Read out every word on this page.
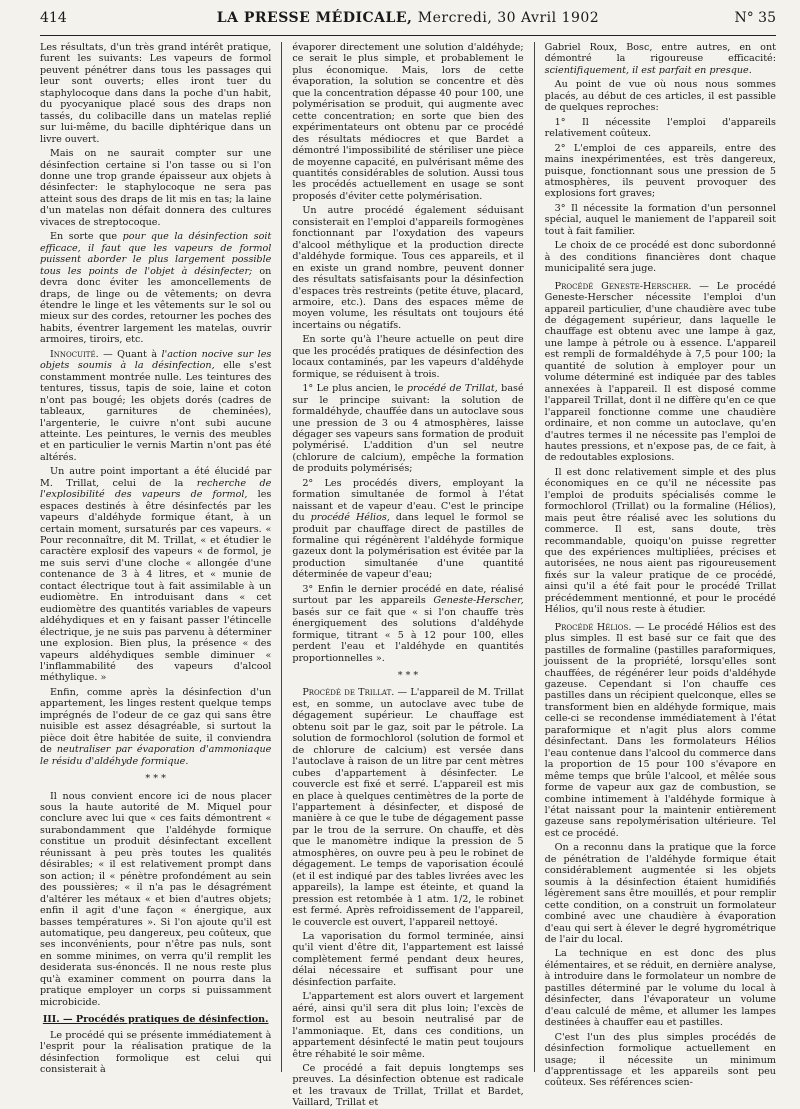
414	LA PRESSE MÉDICALE, Mercredi, 30 Avril 1902	N° 35

Les résultats, d'un très grand intérêt pratique, furent les suivants: Les vapeurs de formol peuvent pénétrer dans tous les passages qui leur sont ouverts; elles iront tuer du staphylocoque dans dans la poche d'un habit, du pyocyanique placé sous des draps non tassés, du colibacille dans un matelas replié sur lui-même, du bacille diphtérique dans un livre ouvert.

Mais on ne saurait compter sur une désinfection certaine si l'on tasse ou si l'on donne une trop grande épaisseur aux objets à désinfecter: le staphylocoque ne sera pas atteint sous des draps de lit mis en tas; la laine d'un matelas non défait donnera des cultures vivaces de streptocoque.

En sorte que pour que la désinfection soit efficace, il faut que les vapeurs de formol puissent aborder le plus largement possible tous les points de l'objet à désinfecter; on devra donc éviter les amoncellements de draps, de linge ou de vêtements; on devra étendre le linge et les vêtements sur le sol ou mieux sur des cordes, retourner les poches des habits, éventrer largement les matelas, ouvrir armoires, tiroirs, etc.

Innocuité. — Quant à l'action nocive sur les objets soumis à la désinfection, elle s'est constamment montrée nulle. Les teintures des tentures, tissus, tapis de soie, laine et coton n'ont pas bougé; les objets dorés (cadres de tableaux, garnitures de cheminées), l'argenterie, le cuivre n'ont subi aucune atteinte. Les peintures, le vernis des meubles et en particulier le vernis Martin n'ont pas été altérés.

Un autre point important a été élucidé par M. Trillat, celui de la recherche de l'explosibilité des vapeurs de formol, les espaces destinés à être désinfectés par les vapeurs d'aldéhyde formique étant, à un certain moment, sursaturés par ces vapeurs. « Pour reconnaître, dit M. Trillat, « et étudier le caractère explosif des vapeurs « de formol, je me suis servi d'une cloche « allongée d'une contenance de 3 à 4 litres, et « munie de contact électrique tout à fait assimilable à un eudiomètre. En introduisant dans « cet eudiomètre des quantités variables de vapeurs aldéhydiques et en y faisant passer l'étincelle électrique, je ne suis pas parvenu à déterminer une explosion. Bien plus, la présence « des vapeurs aldéhydiques semble diminuer « l'inflammabilité des vapeurs d'alcool méthylique. »

Enfin, comme après la désinfection d'un appartement, les linges restent quelque temps imprégnés de l'odeur de ce gaz qui sans être nuisible est assez désagréable, si surtout la pièce doit être habitée de suite, il conviendra de neutraliser par évaporation d'ammoniaque le résidu d'aldéhyde formique.

* * *

Il nous convient encore ici de nous placer sous la haute autorité de M. Miquel pour conclure avec lui que « ces faits démontrent « surabondamment que l'aldéhyde formique constitue un produit désinfectant excellent réunissant à peu près toutes les qualités désirables; « il est relativement prompt dans son action; il « pénètre profondément au sein des poussières; « il n'a pas le désagrément d'altérer les métaux « et bien d'autres objets; enfin il agit d'une façon « énergique, aux basses températures ». Si l'on ajoute qu'il est automatique, peu dangereux, peu coûteux, que ses inconvénients, pour n'être pas nuls, sont en somme minimes, on verra qu'il remplit les desiderata sus-énoncés. Il ne nous reste plus qu'à examiner comment on pourra dans la pratique employer un corps si puissamment microbicide.

III. — Procédés pratiques de désinfection.

Le procédé qui se présente immédiatement à l'esprit pour la réalisation pratique de la désinfection formolique est celui qui consisterait à

évaporer directement une solution d'aldéhyde; ce serait le plus simple, et probablement le plus économique. Mais, lors de cette évaporation, la solution se concentre et dès que la concentration dépasse 40 pour 100, une polymérisation se produit, qui augmente avec cette concentration; en sorte que bien des expérimentateurs ont obtenu par ce procédé des résultats médiocres et que Bardet a démontré l'impossibilité de stériliser une pièce de moyenne capacité, en pulvérisant même des quantités considérables de solution. Aussi tous les procédés actuellement en usage se sont proposés d'éviter cette polymérisation.

Un autre procédé également séduisant consisterait en l'emploi d'appareils formogènes fonctionnant par l'oxydation des vapeurs d'alcool méthylique et la production directe d'aldéhyde formique. Tous ces appareils, et il en existe un grand nombre, peuvent donner des résultats satisfaisants pour la désinfection d'espaces très restreints (petite étuve, placard, armoire, etc.). Dans des espaces même de moyen volume, les résultats ont toujours été incertains ou négatifs.

En sorte qu'à l'heure actuelle on peut dire que les procédés pratiques de désinfection des locaux contaminés, par les vapeurs d'aldéhyde formique, se réduisent à trois.

1° Le plus ancien, le procédé de Trillat, basé sur le principe suivant: la solution de formaldéhyde, chauffée dans un autoclave sous une pression de 3 ou 4 atmosphères, laisse dégager ses vapeurs sans formation de produit polymérisé. L'addition d'un sel neutre (chlorure de calcium), empêche la formation de produits polymérisés;

2° Les procédés divers, employant la formation simultanée de formol à l'état naissant et de vapeur d'eau. C'est le principe du procédé Hélios, dans lequel le formol se produit par chauffage direct de pastilles de formaline qui régénèrent l'aldéhyde formique gazeux dont la polymérisation est évitée par la production simultanée d'une quantité déterminée de vapeur d'eau;

3° Enfin le dernier procédé en date, réalisé surtout par les appareils Geneste-Herscher, basés sur ce fait que « si l'on chauffe très énergiquement des solutions d'aldéhyde formique, titrant « 5 à 12 pour 100, elles perdent l'eau et l'aldéhyde en quantités proportionnelles ».

* * *

Procédé de Trillat. — L'appareil de M. Trillat est, en somme, un autoclave avec tube de dégagement supérieur. Le chauffage est obtenu soit par le gaz, soit par le pétrole. La solution de formochlorol (solution de formol et de chlorure de calcium) est versée dans l'autoclave à raison de un litre par cent mètres cubes d'appartement à désinfecter. Le couvercle est fixé et serré. L'appareil est mis en place à quelques centimètres de la porte de l'appartement à désinfecter, et disposé de manière à ce que le tube de dégagement passe par le trou de la serrure. On chauffe, et dès que le manomètre indique la pression de 5 atmosphères, on ouvre peu à peu le robinet de dégagement. Le temps de vaporisation écoulé (et il est indiqué par des tables livrées avec les appareils), la lampe est éteinte, et quand la pression est retombée à 1 atm. 1/2, le robinet est fermé. Après refroidissement de l'appareil, le couvercle est ouvert, l'appareil nettoyé.

La vaporisation du formol terminée, ainsi qu'il vient d'être dit, l'appartement est laissé complètement fermé pendant deux heures, délai nécessaire et suffisant pour une désinfection parfaite.

L'appartement est alors ouvert et largement aéré, ainsi qu'il sera dit plus loin; l'excès de formol est au besoin neutralisé par de l'ammoniaque. Et, dans ces conditions, un appartement désinfecté le matin peut toujours être réhabité le soir même.

Ce procédé a fait depuis longtemps ses preuves. La désinfection obtenue est radicale et les travaux de Trillat, Trillat et Bardet, Vaillard, Trillat et

Gabriel Roux, Bosc, entre autres, en ont démontré la rigoureuse efficacité: scientifiquement, il est parfait en presque.

Au point de vue où nous nous sommes placés, au début de ces articles, il est passible de quelques reproches:

1° Il nécessite l'emploi d'appareils relativement coûteux.

2° L'emploi de ces appareils, entre des mains inexpérimentées, est très dangereux, puisque, fonctionnant sous une pression de 5 atmosphères, ils peuvent provoquer des explosions fort graves;

3° Il nécessite la formation d'un personnel spécial, auquel le maniement de l'appareil soit tout à fait familier.

Le choix de ce procédé est donc subordonné à des conditions financières dont chaque municipalité sera juge.

Procédé Geneste-Herscher. — Le procédé Geneste-Herscher nécessite l'emploi d'un appareil particulier, d'une chaudière avec tube de dégagement supérieur, dans laquelle le chauffage est obtenu avec une lampe à gaz, une lampe à pétrole ou à essence. L'appareil est rempli de formaldéhyde à 7,5 pour 100; la quantité de solution à employer pour un volume déterminé est indiquée par des tables annexées à l'appareil. Il est disposé comme l'appareil Trillat, dont il ne diffère qu'en ce que l'appareil fonctionne comme une chaudière ordinaire, et non comme un autoclave, qu'en d'autres termes il ne nécessite pas l'emploi de hautes pressions, et n'expose pas, de ce fait, à de redoutables explosions.

Il est donc relativement simple et des plus économiques en ce qu'il ne nécessite pas l'emploi de produits spécialisés comme le formochlorol (Trillat) ou la formaline (Hélios), mais peut être réalisé avec les solutions du commerce. Il est, sans doute, très recommandable, quoiqu'on puisse regretter que des expériences multipliées, précises et autorisées, ne nous aient pas rigoureusement fixés sur la valeur pratique de ce procédé, ainsi qu'il a été fait pour le procédé Trillat précédemment mentionné, et pour le procédé Hélios, qu'il nous reste à étudier.

Procédé Hélios. — Le procédé Hélios est des plus simples. Il est basé sur ce fait que des pastilles de formaline (pastilles paraformiques, jouissent de la propriété, lorsqu'elles sont chauffées, de régénérer leur poids d'aldéhyde gazeuse. Cependant si l'on chauffe ces pastilles dans un récipient quelconque, elles se transforment bien en aldéhyde formique, mais celle-ci se recondense immédiatement à l'état paraformique et n'agit plus alors comme désinfectant. Dans les formolateurs Hélios l'eau contenue dans l'alcool du commerce dans la proportion de 15 pour 100 s'évapore en même temps que brûle l'alcool, et mêlée sous forme de vapeur aux gaz de combustion, se combine intimement à l'aldéhyde formique à l'état naissant pour la maintenir entièrement gazeuse sans repolymérisation ultérieure. Tel est ce procédé.

On a reconnu dans la pratique que la force de pénétration de l'aldéhyde formique était considérablement augmentée si les objets soumis à la désinfection étaient humidifiés légèrement sans être mouillés, et pour remplir cette condition, on a construit un formolateur combiné avec une chaudière à évaporation d'eau qui sert à élever le degré hygrométrique de l'air du local.

La technique en est donc des plus élémentaires, et se réduit, en dernière analyse, à introduire dans le formolateur un nombre de pastilles déterminé par le volume du local à désinfecter, dans l'évaporateur un volume d'eau calculé de même, et allumer les lampes destinées à chauffer eau et pastilles.

C'est l'un des plus simples procédés de désinfection formolique actuellement en usage; il nécessite un minimum d'apprentissage et les appareils sont peu coûteux. Ses références scien-
